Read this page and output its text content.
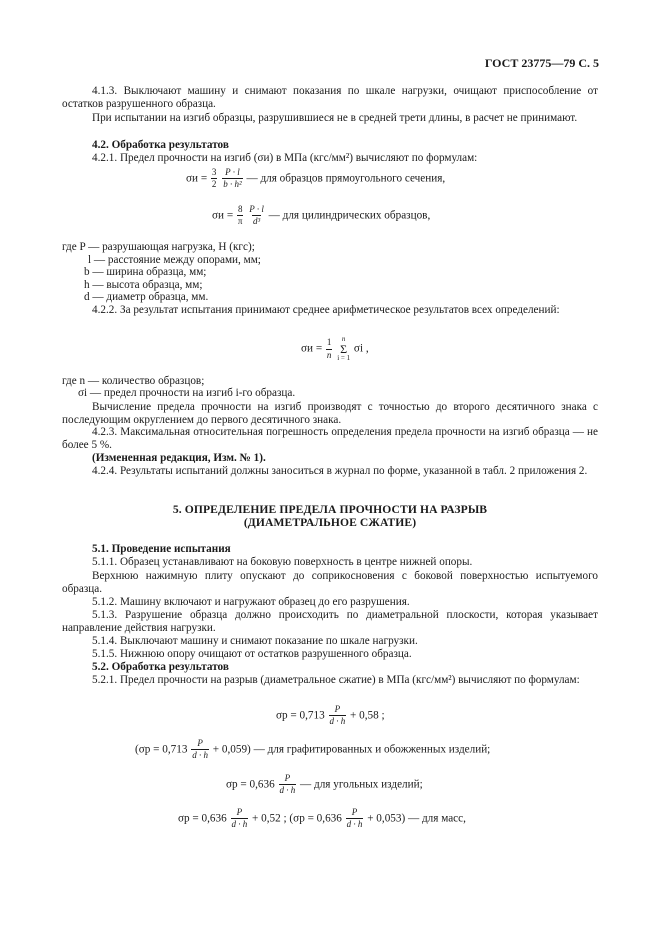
ГОСТ 23775—79 С. 5

4.1.3. Выключают машину и снимают показания по шкале нагрузки, очищают приспособление от остатков разрушенного образца.

При испытании на изгиб образцы, разрушившиеся не в средней трети длины, в расчет не принимают.

4.2. Обработка результатов

4.2.1. Предел прочности на изгиб (σи) в МПа (кгс/мм²) вычисляют по формулам:

$\sigma и = \frac{3}{2}$
$\frac{P \cdot l}{\text{b · h²}}$ — для образцов прямоугольного сечения,
$\sigma и = \frac{8}{\pi}$
$\frac{P \cdot l}{\text{d³}}$ — для цилиндрических образцов,
где P — разрушающая нагрузка, Н (кгс);
l — расстояние между опорами, мм;
b — ширина образца, мм;
h — высота образца, мм;
d — диаметр образца, мм.

4.2.2. За результат испытания принимают среднее арифметическое результатов всех определений:

$\sigma и = \frac{1}{n}$
n
Σ
i = 1
σi ,
где n — количество образцов;
σi — предел прочности на изгиб i-го образца.

Вычисление предела прочности на изгиб производят с точностью до второго десятичного знака с последующим округлением до первого десятичного знака.

4.2.3. Максимальная относительная погрешность определения предела прочности на изгиб образца — не более 5 %.

(Измененная редакция, Изм. № 1).

4.2.4. Результаты испытаний должны заноситься в журнал по форме, указанной в табл. 2 приложения 2.

5. ОПРЕДЕЛЕНИЕ ПРЕДЕЛА ПРОЧНОСТИ НА РАЗРЫВ
(ДИАМЕТРАЛЬНОЕ СЖАТИЕ)

5.1. Проведение испытания

5.1.1. Образец устанавливают на боковую поверхность в центре нижней опоры.

Верхнюю нажимную плиту опускают до соприкосновения с боковой поверхностью испытуемого образца.

5.1.2. Машину включают и нагружают образец до его разрушения.

5.1.3. Разрушение образца должно происходить по диаметральной плоскости, которая указывает направление действия нагрузки.

5.1.4. Выключают машину и снимают показание по шкале нагрузки.

5.1.5. Нижнюю опору очищают от остатков разрушенного образца.

5.2. Обработка результатов

5.2.1. Предел прочности на разрыв (диаметральное сжатие) в МПа (кгс/мм²) вычисляют по формулам:

$\sigma р = 0,713 \frac{P}{d \cdot h} + 0,58$ ;
$(\sigma р = 0,713 \frac{P}{d \cdot h} + 0,059)$ — для графитированных и обожженных изделий;
$\sigma р = 0,636 \frac{P}{d \cdot h}$ — для угольных изделий;
$\sigma р = 0,636 \frac{P}{d \cdot h} + 0,52$ ; $(\sigma р = 0,636 \frac{P}{d \cdot h} + 0,053)$ — для масс,
